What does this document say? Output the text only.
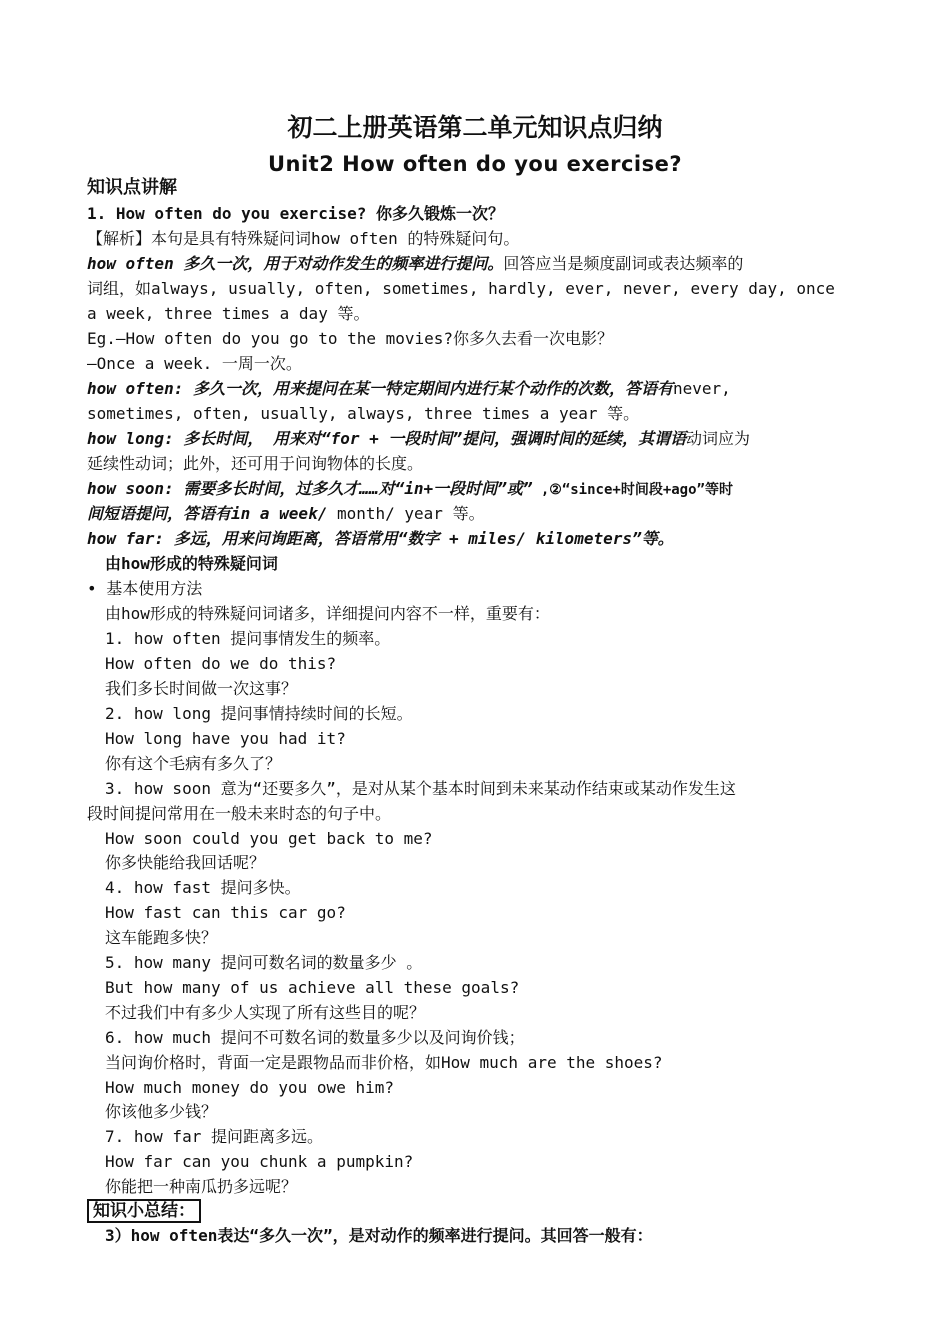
初二上册英语第二单元知识点归纳
Unit2 How often do you exercise?
知识点讲解
1. How often do you exercise? 你多久锻炼一次？
【解析】本句是具有特殊疑问词how often 的特殊疑问句。
how often 多久一次，用于对动作发生的频率进行提问。回答应当是频度副词或表达频率的
词组，如always, usually, often, sometimes, hardly, ever, never, every day, once
a week, three times a day 等。
Eg.—How often do you go to the movies?你多久去看一次电影？
—Once a week. 一周一次。
how often: 多久一次，用来提问在某一特定期间内进行某个动作的次数，答语有never,
sometimes, often, usually, always, three times a year 等。
how long: 多长时间， 用来对“for + 一段时间”提问，强调时间的延续，其谓语动词应为
延续性动词；此外，还可用于问询物体的长度。
how soon: 需要多长时间，过多久才……对“in+一段时间”或” ,②“since+时间段+ago”等时
间短语提问，答语有in a week/ month/ year 等。
how far: 多远，用来问询距离，答语常用“数字 + miles/ kilometers”等。
由how形成的特殊疑问词
• 基本使用方法
由how形成的特殊疑问词诸多，详细提问内容不一样，重要有：
1. how often 提问事情发生的频率。
How often do we do this?
我们多长时间做一次这事？
2. how long 提问事情持续时间的长短。
How long have you had it?
你有这个毛病有多久了？
3. how soon 意为“还要多久”，是对从某个基本时间到未来某动作结束或某动作发生这
段时间提问常用在一般未来时态的句子中。
How soon could you get back to me?
你多快能给我回话呢？
4. how fast 提问多快。
How fast can this car go?
这车能跑多快？
5. how many 提问可数名词的数量多少 。
But how many of us achieve all these goals?
不过我们中有多少人实现了所有这些目的呢？
6. how much 提问不可数名词的数量多少以及问询价钱；
当问询价格时，背面一定是跟物品而非价格，如How much are the shoes?
How much money do you owe him?
你该他多少钱？
7. how far 提问距离多远。
How far can you chunk a pumpkin?
你能把一种南瓜扔多远呢？
知识小总结：
3）how often表达“多久一次”，是对动作的频率进行提问。其回答一般有：
